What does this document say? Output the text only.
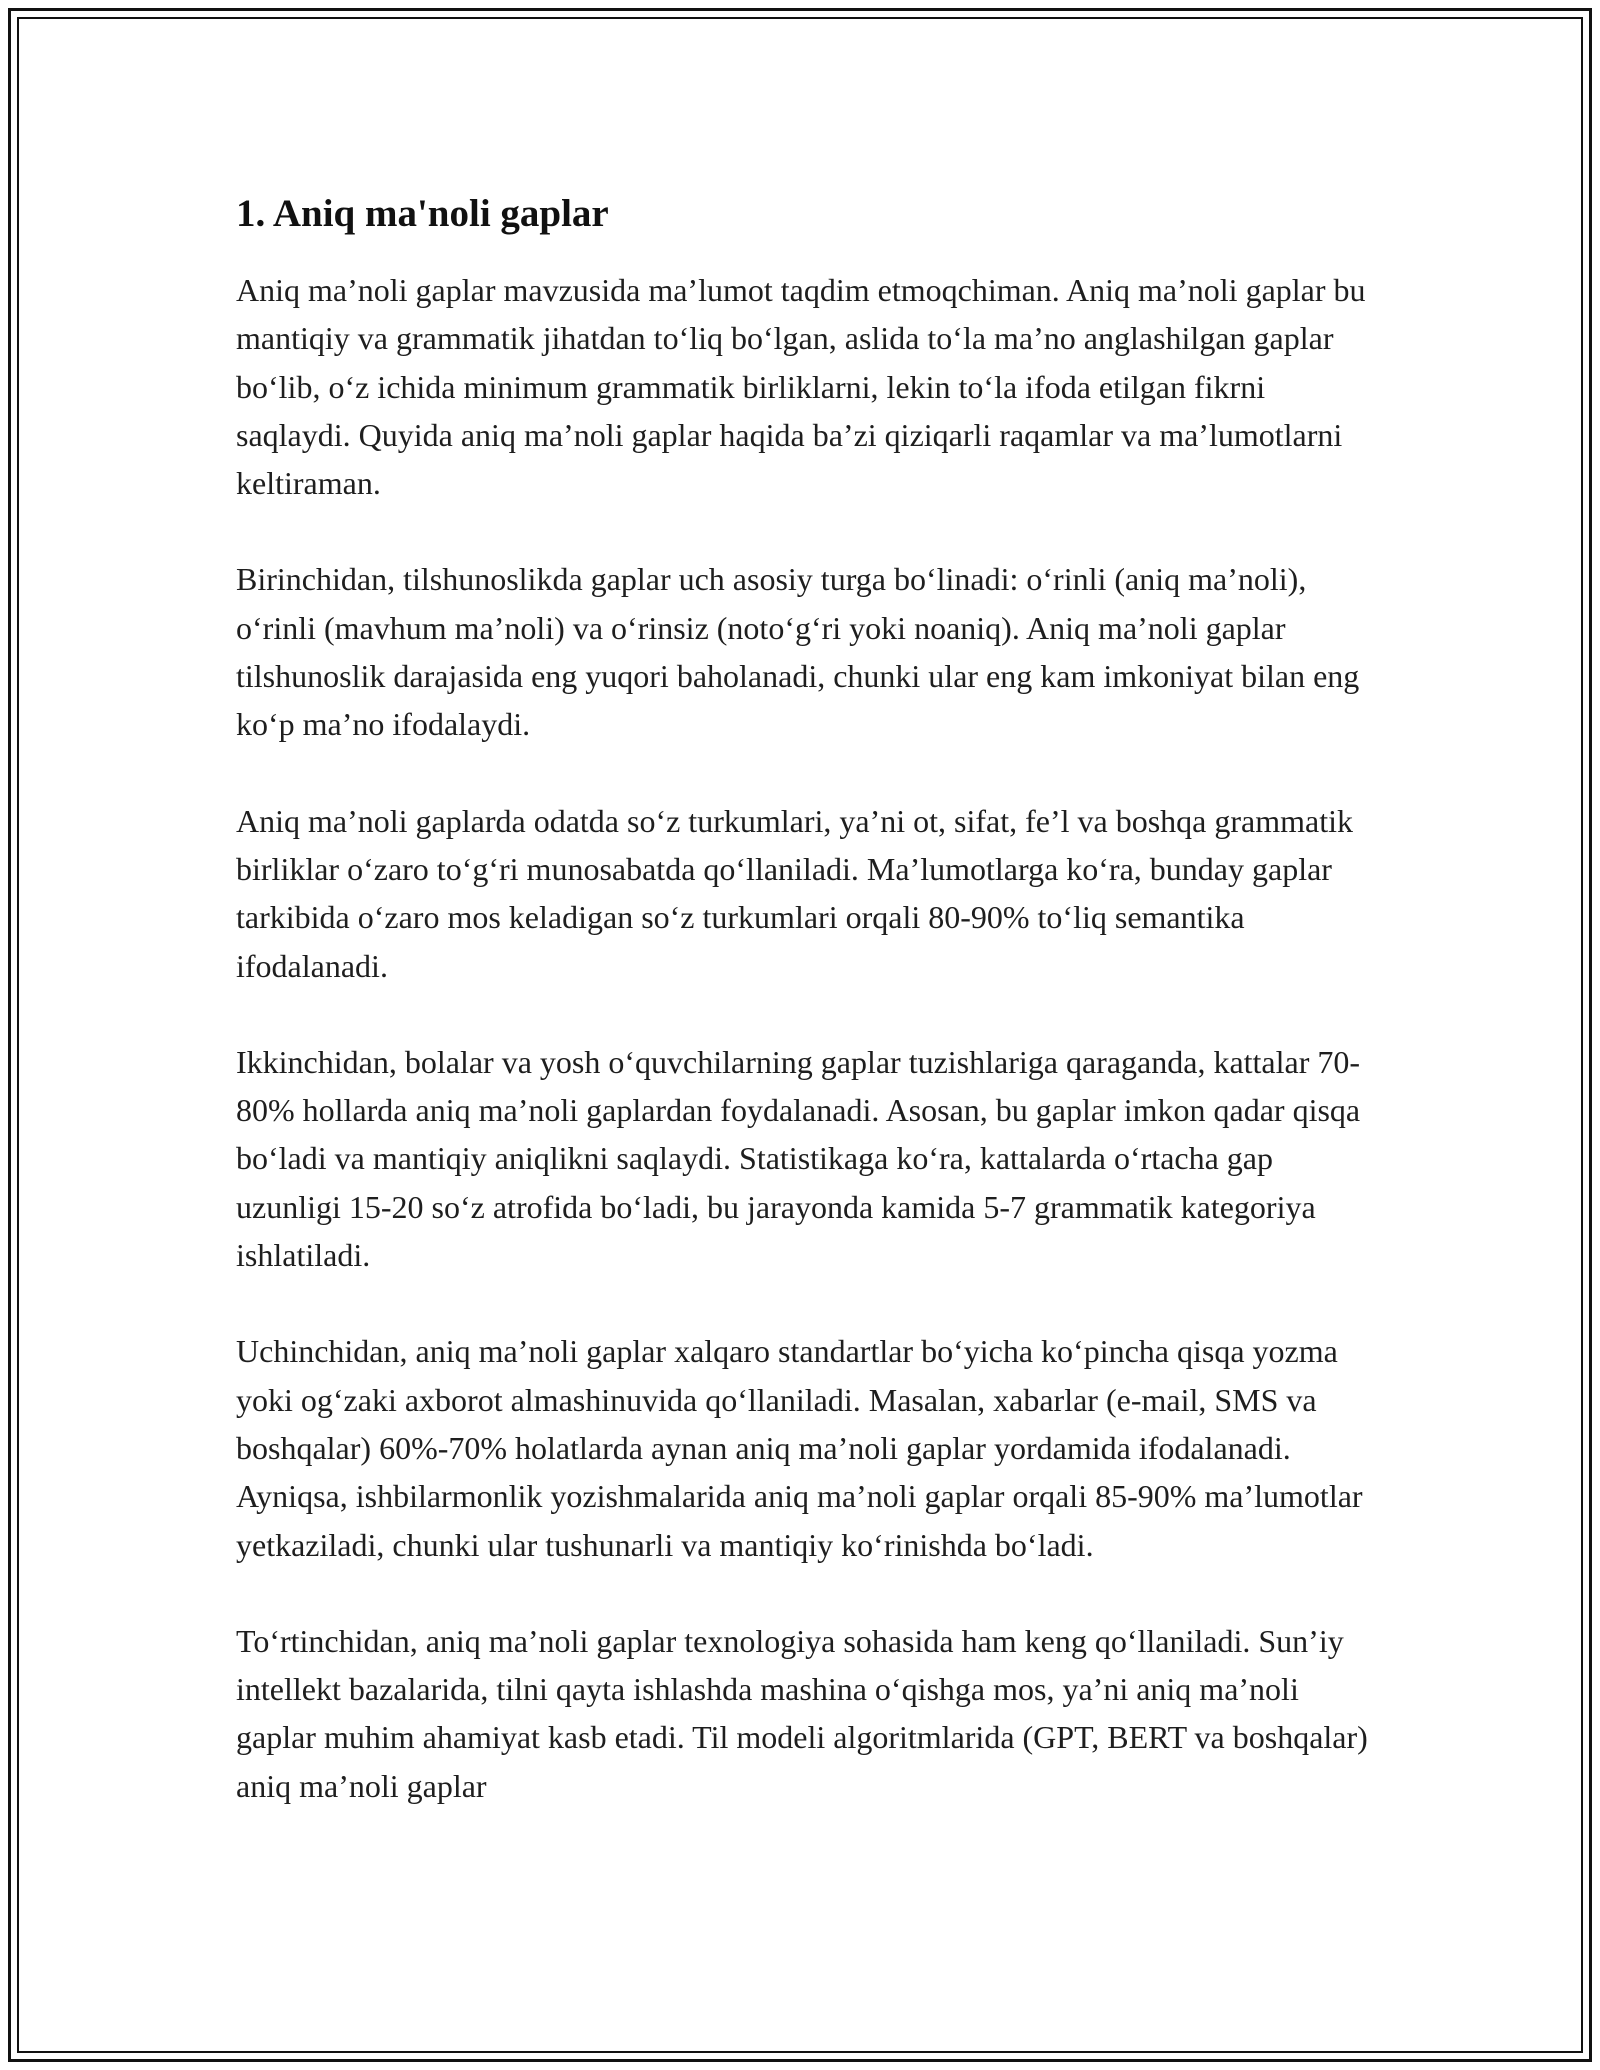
1. Aniq ma'noli gaplar

Aniq ma’noli gaplar mavzusida ma’lumot taqdim etmoqchiman. Aniq ma’noli gaplar bu mantiqiy va grammatik jihatdan to‘liq bo‘lgan, aslida to‘la ma’no anglashilgan gaplar bo‘lib, o‘z ichida minimum grammatik birliklarni, lekin to‘la ifoda etilgan fikrni saqlaydi. Quyida aniq ma’noli gaplar haqida ba’zi qiziqarli raqamlar va ma’lumotlarni keltiraman.

Birinchidan, tilshunoslikda gaplar uch asosiy turga bo‘linadi: o‘rinli (aniq ma’noli), o‘rinli (mavhum ma’noli) va o‘rinsiz (noto‘g‘ri yoki noaniq). Aniq ma’noli gaplar tilshunoslik darajasida eng yuqori baholanadi, chunki ular eng kam imkoniyat bilan eng ko‘p ma’no ifodalaydi.

Aniq ma’noli gaplarda odatda so‘z turkumlari, ya’ni ot, sifat, fe’l va boshqa grammatik birliklar o‘zaro to‘g‘ri munosabatda qo‘llaniladi. Ma’lumotlarga ko‘ra, bunday gaplar tarkibida o‘zaro mos keladigan so‘z turkumlari orqali 80-90% to‘liq semantika ifodalanadi.

Ikkinchidan, bolalar va yosh o‘quvchilarning gaplar tuzishlariga qaraganda, kattalar 70-80% hollarda aniq ma’noli gaplardan foydalanadi. Asosan, bu gaplar imkon qadar qisqa bo‘ladi va mantiqiy aniqlikni saqlaydi. Statistikaga ko‘ra, kattalarda o‘rtacha gap uzunligi 15-20 so‘z atrofida bo‘ladi, bu jarayonda kamida 5-7 grammatik kategoriya ishlatiladi.

Uchinchidan, aniq ma’noli gaplar xalqaro standartlar bo‘yicha ko‘pincha qisqa yozma yoki og‘zaki axborot almashinuvida qo‘llaniladi. Masalan, xabarlar (e-mail, SMS va boshqalar) 60%-70% holatlarda aynan aniq ma’noli gaplar yordamida ifodalanadi. Ayniqsa, ishbilarmonlik yozishmalarida aniq ma’noli gaplar orqali 85-90% ma’lumotlar yetkaziladi, chunki ular tushunarli va mantiqiy ko‘rinishda bo‘ladi.

To‘rtinchidan, aniq ma’noli gaplar texnologiya sohasida ham keng qo‘llaniladi. Sun’iy intellekt bazalarida, tilni qayta ishlashda mashina o‘qishga mos, ya’ni aniq ma’noli gaplar muhim ahamiyat kasb etadi. Til modeli algoritmlarida (GPT, BERT va boshqalar) aniq ma’noli gaplar
